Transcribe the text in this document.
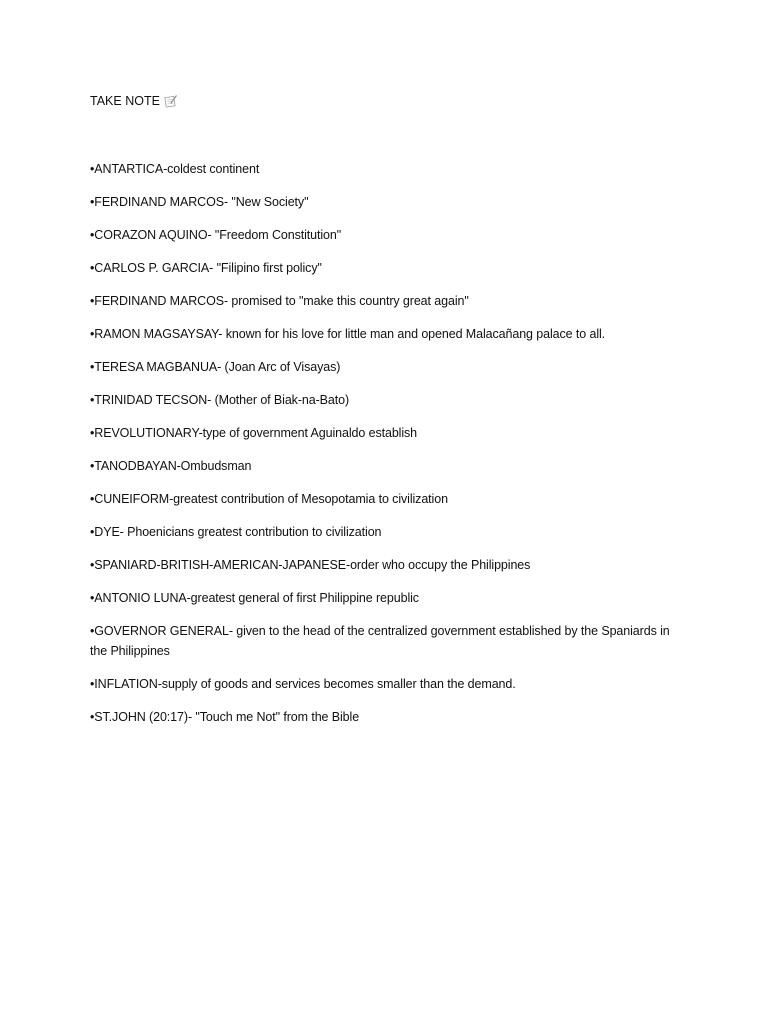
TAKE NOTE
•ANTARTICA-coldest continent
•FERDINAND MARCOS- "New Society"
•CORAZON AQUINO- "Freedom Constitution"
•CARLOS P. GARCIA- "Filipino first policy"
•FERDINAND MARCOS- promised to "make this country great again"
•RAMON MAGSAYSAY- known for his love for little man and opened Malacañang palace to all.
•TERESA MAGBANUA- (Joan Arc of Visayas)
•TRINIDAD TECSON- (Mother of Biak-na-Bato)
•REVOLUTIONARY-type of government Aguinaldo establish
•TANODBAYAN-Ombudsman
•CUNEIFORM-greatest contribution of Mesopotamia to civilization
•DYE- Phoenicians greatest contribution to civilization
•SPANIARD-BRITISH-AMERICAN-JAPANESE-order who occupy the Philippines
•ANTONIO LUNA-greatest general of first Philippine republic
•GOVERNOR GENERAL- given to the head of the centralized government established by the Spaniards in the Philippines
•INFLATION-supply of goods and services becomes smaller than the demand.
•ST.JOHN (20:17)- "Touch me Not" from the Bible
